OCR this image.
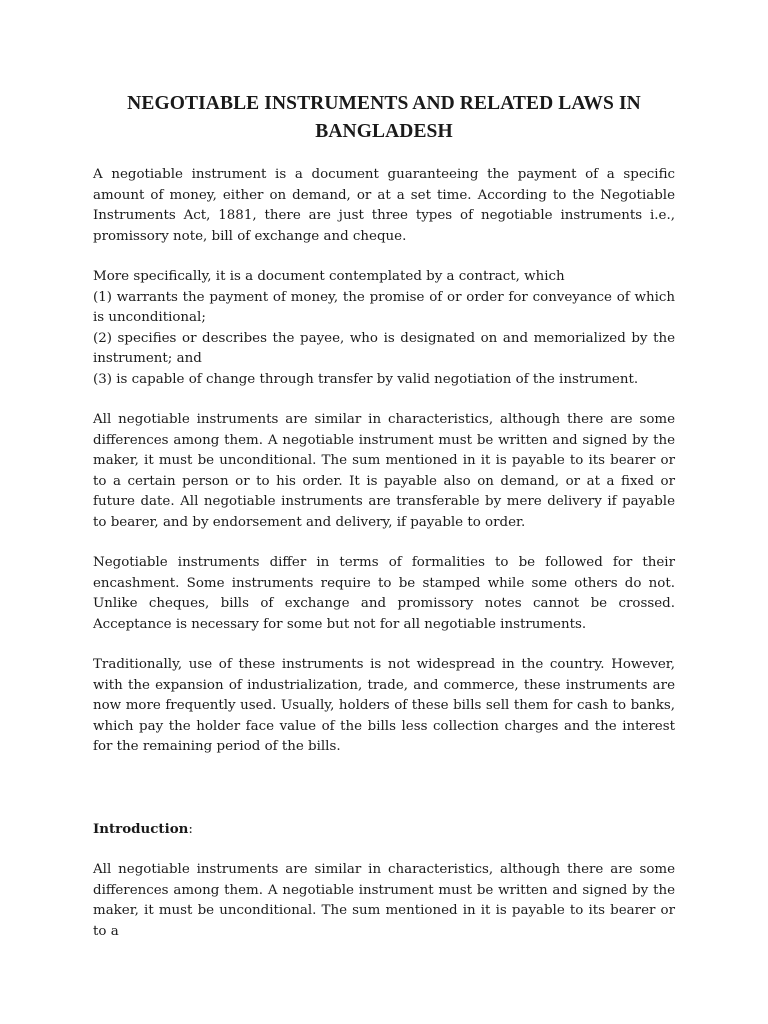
NEGOTIABLE INSTRUMENTS AND RELATED LAWS IN BANGLADESH

A negotiable instrument is a document guaranteeing the payment of a specific amount of money, either on demand, or at a set time. According to the Negotiable Instruments Act, 1881, there are just three types of negotiable instruments i.e., promissory note, bill of exchange and cheque.

More specifically, it is a document contemplated by a contract, which

(1) warrants the payment of money, the promise of or order for conveyance of which is unconditional;

(2) specifies or describes the payee, who is designated on and memorialized by the instrument; and

(3) is capable of change through transfer by valid negotiation of the instrument.

All negotiable instruments are similar in characteristics, although there are some differences among them. A negotiable instrument must be written and signed by the maker, it must be unconditional. The sum mentioned in it is payable to its bearer or to a certain person or to his order. It is payable also on demand, or at a fixed or future date. All negotiable instruments are transferable by mere delivery if payable to bearer, and by endorsement and delivery, if payable to order.

Negotiable instruments differ in terms of formalities to be followed for their encashment. Some instruments require to be stamped while some others do not. Unlike cheques, bills of exchange and promissory notes cannot be crossed. Acceptance is necessary for some but not for all negotiable instruments.

Traditionally, use of these instruments is not widespread in the country. However, with the expansion of industrialization, trade, and commerce, these instruments are now more frequently used. Usually, holders of these bills sell them for cash to banks, which pay the holder face value of the bills less collection charges and the interest for the remaining period of the bills.

Introduction:

All negotiable instruments are similar in characteristics, although there are some differences among them. A negotiable instrument must be written and signed by the maker, it must be unconditional. The sum mentioned in it is payable to its bearer or to a
